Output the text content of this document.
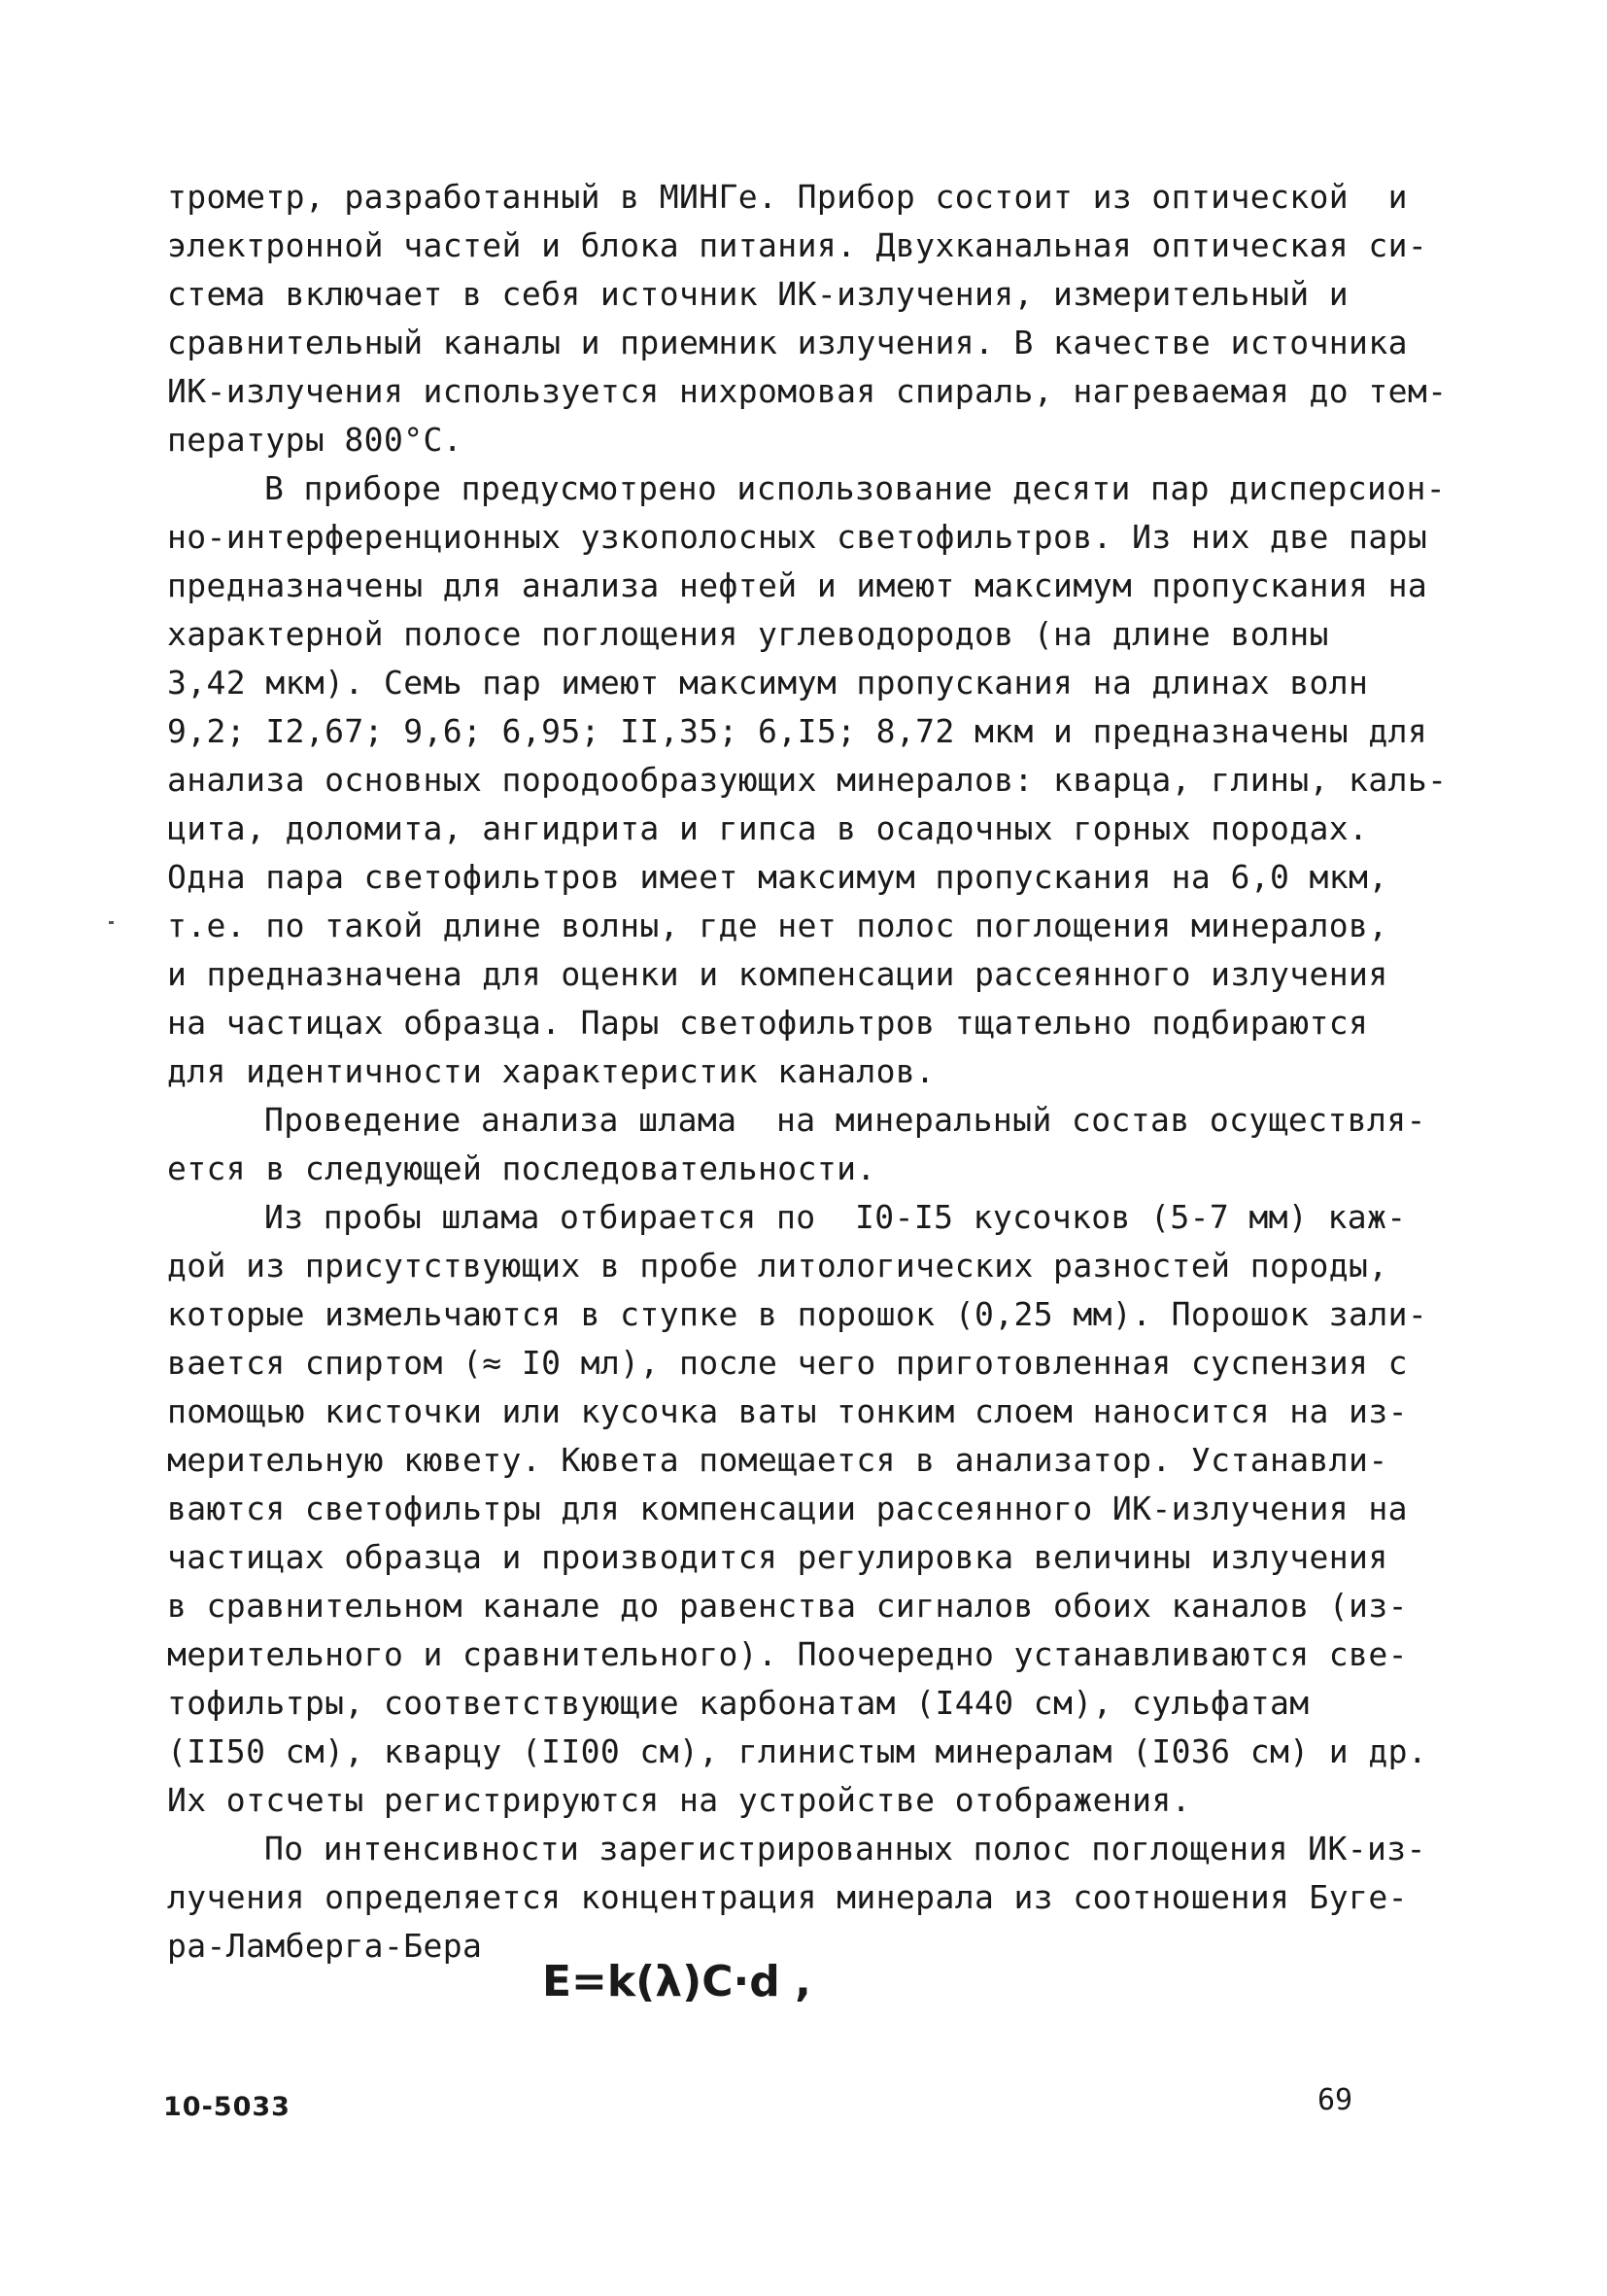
трометр, разработанный в МИНГе. Прибор состоит из оптической  и
электронной частей и блока питания. Двухканальная оптическая си-
стема включает в себя источник ИК-излучения, измерительный и
сравнительный каналы и приемник излучения. В качестве источника
ИК-излучения используется нихромовая спираль, нагреваемая до тем-
пературы 800°С.
В приборе предусмотрено использование десяти пар дисперсион-
но-интерференционных узкополосных светофильтров. Из них две пары
предназначены для анализа нефтей и имеют максимум пропускания на
характерной полосе поглощения углеводородов (на длине волны
3,42 мкм). Семь пар имеют максимум пропускания на длинах волн
9,2; I2,67; 9,6; 6,95; II,35; 6,I5; 8,72 мкм и предназначены для
анализа основных породообразующих минералов: кварца, глины, каль-
цита, доломита, ангидрита и гипса в осадочных горных породах.
Одна пара светофильтров имеет максимум пропускания на 6,0 мкм,
т.е. по такой длине волны, где нет полос поглощения минералов,
и предназначена для оценки и компенсации рассеянного излучения
на частицах образца. Пары светофильтров тщательно подбираются
для идентичности характеристик каналов.
Проведение анализа шлама  на минеральный состав осуществля-
ется в следующей последовательности.
Из пробы шлама отбирается по  I0-I5 кусочков (5-7 мм) каж-
дой из присутствующих в пробе литологических разностей породы,
которые измельчаются в ступке в порошок (0,25 мм). Порошок зали-
вается спиртом (≈ I0 мл), после чего приготовленная суспензия с
помощью кисточки или кусочка ваты тонким слоем наносится на из-
мерительную кювету. Кювета помещается в анализатор. Устанавли-
ваются светофильтры для компенсации рассеянного ИК-излучения на
частицах образца и производится регулировка величины излучения
в сравнительном канале до равенства сигналов обоих каналов (из-
мерительного и сравнительного). Поочередно устанавливаются све-
тофильтры, соответствующие карбонатам (I440 см), сульфатам
(II50 см), кварцу (II00 см), глинистым минералам (I036 см) и др.
Их отсчеты регистрируются на устройстве отображения.
По интенсивности зарегистрированных полос поглощения ИК-из-
лучения определяется концентрация минерала из соотношения Буге-
ра-Ламберга-Бера
E=k(λ)C·d ,
10-5033	69
